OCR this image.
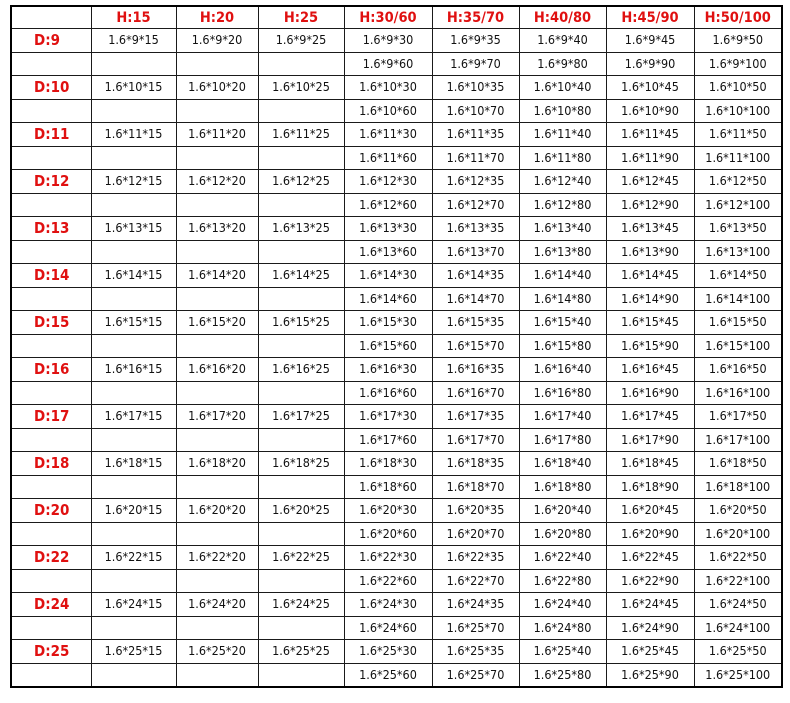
	H:15	H:20	H:25	H:30/60	H:35/70	H:40/80	H:45/90	H:50/100
D:9	1.6*9*15	1.6*9*20	1.6*9*25	1.6*9*30	1.6*9*35	1.6*9*40	1.6*9*45	1.6*9*50
				1.6*9*60	1.6*9*70	1.6*9*80	1.6*9*90	1.6*9*100
D:10	1.6*10*15	1.6*10*20	1.6*10*25	1.6*10*30	1.6*10*35	1.6*10*40	1.6*10*45	1.6*10*50
				1.6*10*60	1.6*10*70	1.6*10*80	1.6*10*90	1.6*10*100
D:11	1.6*11*15	1.6*11*20	1.6*11*25	1.6*11*30	1.6*11*35	1.6*11*40	1.6*11*45	1.6*11*50
				1.6*11*60	1.6*11*70	1.6*11*80	1.6*11*90	1.6*11*100
D:12	1.6*12*15	1.6*12*20	1.6*12*25	1.6*12*30	1.6*12*35	1.6*12*40	1.6*12*45	1.6*12*50
				1.6*12*60	1.6*12*70	1.6*12*80	1.6*12*90	1.6*12*100
D:13	1.6*13*15	1.6*13*20	1.6*13*25	1.6*13*30	1.6*13*35	1.6*13*40	1.6*13*45	1.6*13*50
				1.6*13*60	1.6*13*70	1.6*13*80	1.6*13*90	1.6*13*100
D:14	1.6*14*15	1.6*14*20	1.6*14*25	1.6*14*30	1.6*14*35	1.6*14*40	1.6*14*45	1.6*14*50
				1.6*14*60	1.6*14*70	1.6*14*80	1.6*14*90	1.6*14*100
D:15	1.6*15*15	1.6*15*20	1.6*15*25	1.6*15*30	1.6*15*35	1.6*15*40	1.6*15*45	1.6*15*50
				1.6*15*60	1.6*15*70	1.6*15*80	1.6*15*90	1.6*15*100
D:16	1.6*16*15	1.6*16*20	1.6*16*25	1.6*16*30	1.6*16*35	1.6*16*40	1.6*16*45	1.6*16*50
				1.6*16*60	1.6*16*70	1.6*16*80	1.6*16*90	1.6*16*100
D:17	1.6*17*15	1.6*17*20	1.6*17*25	1.6*17*30	1.6*17*35	1.6*17*40	1.6*17*45	1.6*17*50
				1.6*17*60	1.6*17*70	1.6*17*80	1.6*17*90	1.6*17*100
D:18	1.6*18*15	1.6*18*20	1.6*18*25	1.6*18*30	1.6*18*35	1.6*18*40	1.6*18*45	1.6*18*50
				1.6*18*60	1.6*18*70	1.6*18*80	1.6*18*90	1.6*18*100
D:20	1.6*20*15	1.6*20*20	1.6*20*25	1.6*20*30	1.6*20*35	1.6*20*40	1.6*20*45	1.6*20*50
				1.6*20*60	1.6*20*70	1.6*20*80	1.6*20*90	1.6*20*100
D:22	1.6*22*15	1.6*22*20	1.6*22*25	1.6*22*30	1.6*22*35	1.6*22*40	1.6*22*45	1.6*22*50
				1.6*22*60	1.6*22*70	1.6*22*80	1.6*22*90	1.6*22*100
D:24	1.6*24*15	1.6*24*20	1.6*24*25	1.6*24*30	1.6*24*35	1.6*24*40	1.6*24*45	1.6*24*50
				1.6*24*60	1.6*25*70	1.6*24*80	1.6*24*90	1.6*24*100
D:25	1.6*25*15	1.6*25*20	1.6*25*25	1.6*25*30	1.6*25*35	1.6*25*40	1.6*25*45	1.6*25*50
				1.6*25*60	1.6*25*70	1.6*25*80	1.6*25*90	1.6*25*100
